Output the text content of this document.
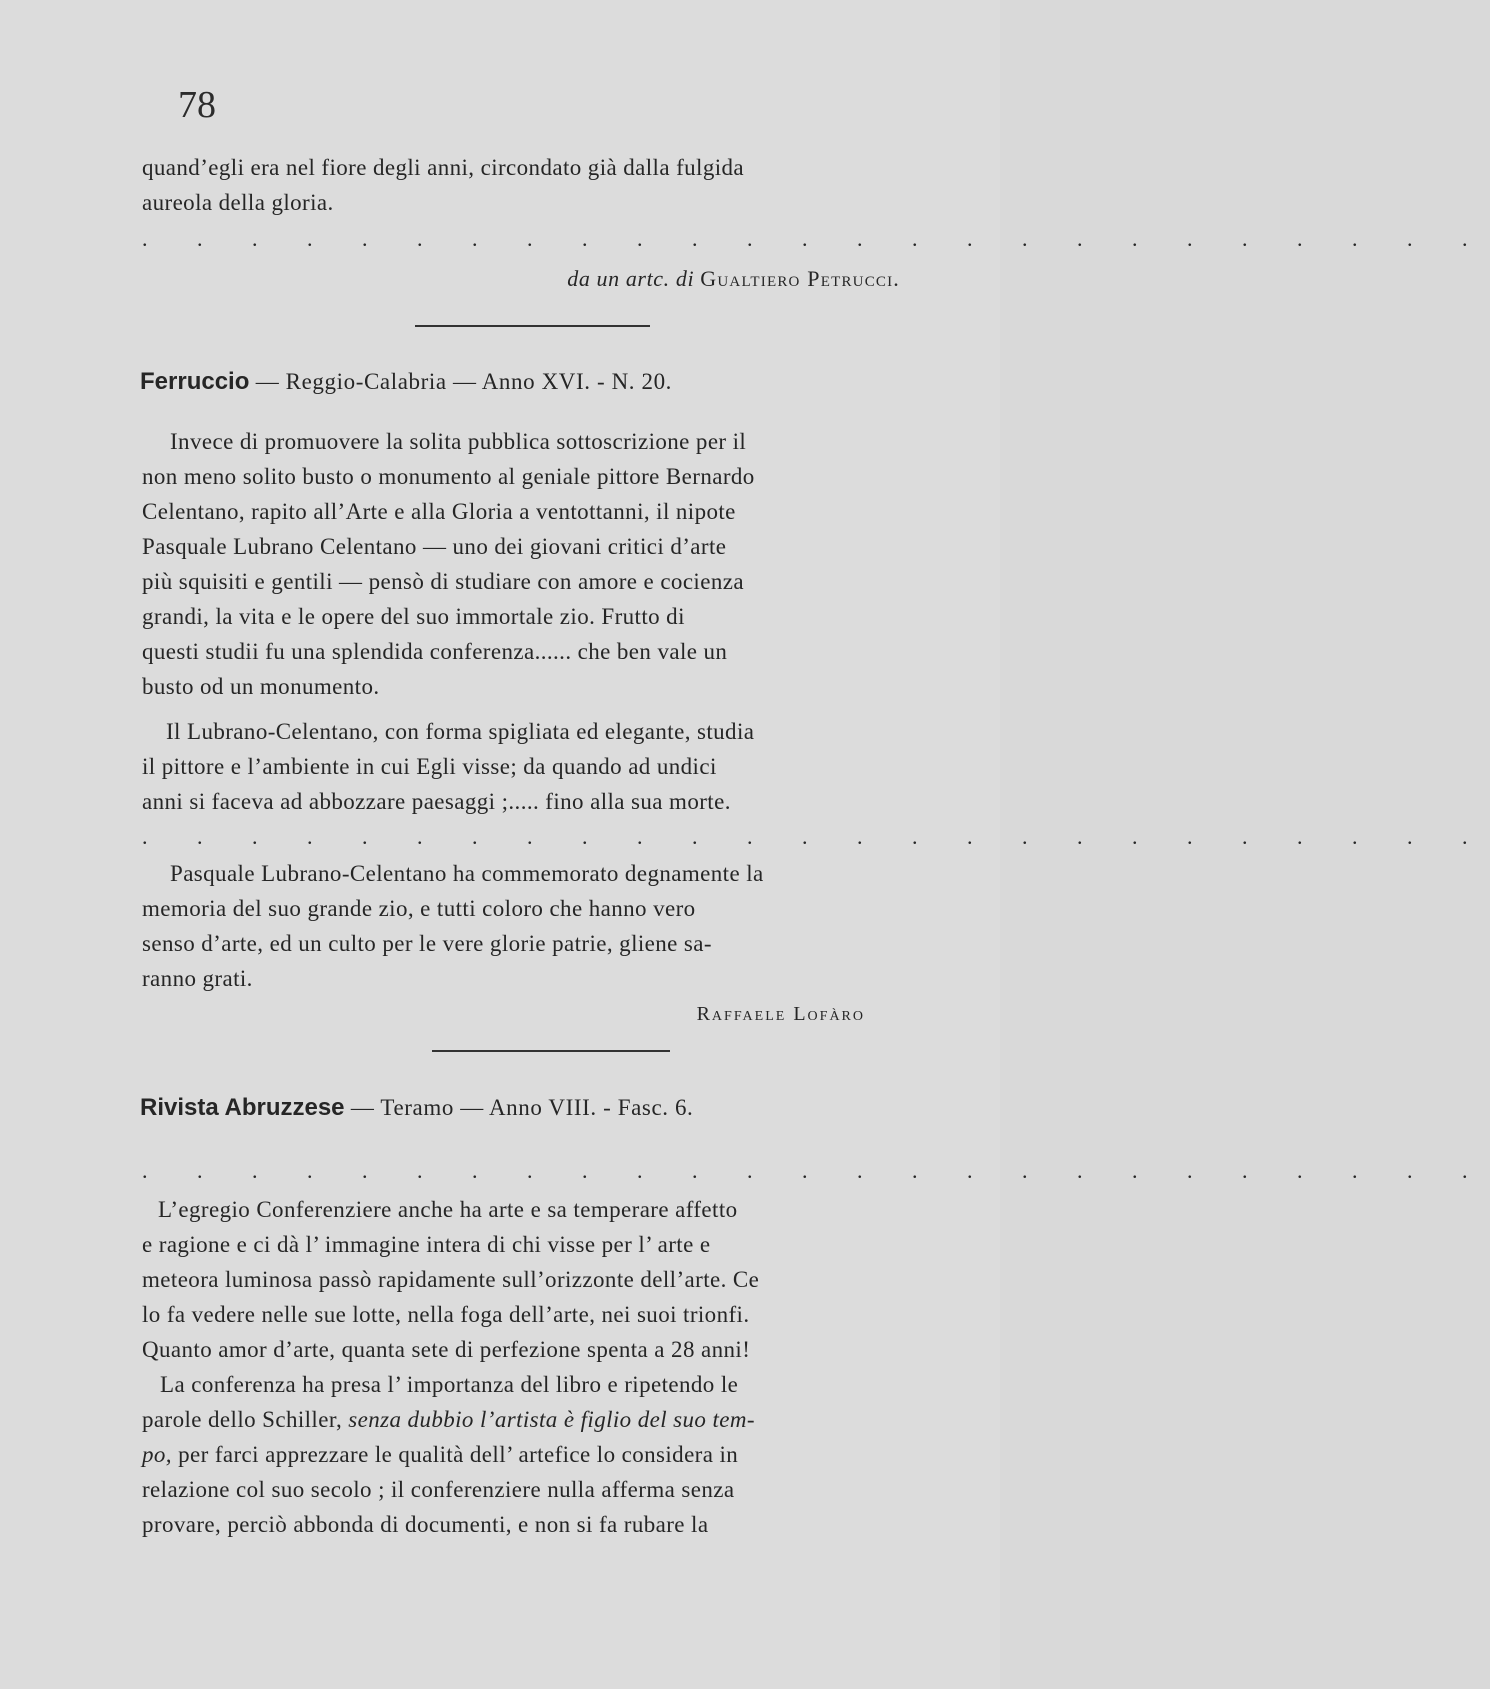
78
quand’egli era nel fiore degli anni, circondato già dalla fulgida
aureola della gloria.
. . . . . . . . . . . . . . . . . . . . . . . . .
da un artc. di Gualtiero Petrucci.
Ferruccio — Reggio-Calabria — Anno XVI. - N. 20.
Invece di promuovere la solita pubblica sottoscrizione per il
non meno solito busto o monumento al geniale pittore Bernardo
Celentano, rapito all’Arte e alla Gloria a ventottanni, il nipote
Pasquale Lubrano Celentano — uno dei giovani critici d’arte
più squisiti e gentili — pensò di studiare con amore e cocienza
grandi, la vita e le opere del suo immortale zio. Frutto di
questi studii fu una splendida conferenza...... che ben vale un
busto od un monumento.
Il Lubrano-Celentano, con forma spigliata ed elegante, studia
il pittore e l’ambiente in cui Egli visse; da quando ad undici
anni si faceva ad abbozzare paesaggi ;..... fino alla sua morte.
. . . . . . . . . . . . . . . . . . . . . . . . .
Pasquale Lubrano-Celentano ha commemorato degnamente la
memoria del suo grande zio, e tutti coloro che hanno vero
senso d’arte, ed un culto per le vere glorie patrie, gliene sa-
ranno grati.
Raffaele Lofàro
Rivista Abruzzese — Teramo — Anno VIII. - Fasc. 6.
. . . . . . . . . . . . . . . . . . . . . . . . .
L’egregio Conferenziere anche ha arte e sa temperare affetto
e ragione e ci dà l’ immagine intera di chi visse per l’ arte e
meteora luminosa passò rapidamente sull’orizzonte dell’arte. Ce
lo fa vedere nelle sue lotte, nella foga dell’arte, nei suoi trionfi.
Quanto amor d’arte, quanta sete di perfezione spenta a 28 anni!
La conferenza ha presa l’ importanza del libro e ripetendo le
parole dello Schiller, senza dubbio l’artista è figlio del suo tem-
po, per farci apprezzare le qualità dell’ artefice lo considera in
relazione col suo secolo ; il conferenziere nulla afferma senza
provare, perciò abbonda di documenti, e non si fa rubare la
